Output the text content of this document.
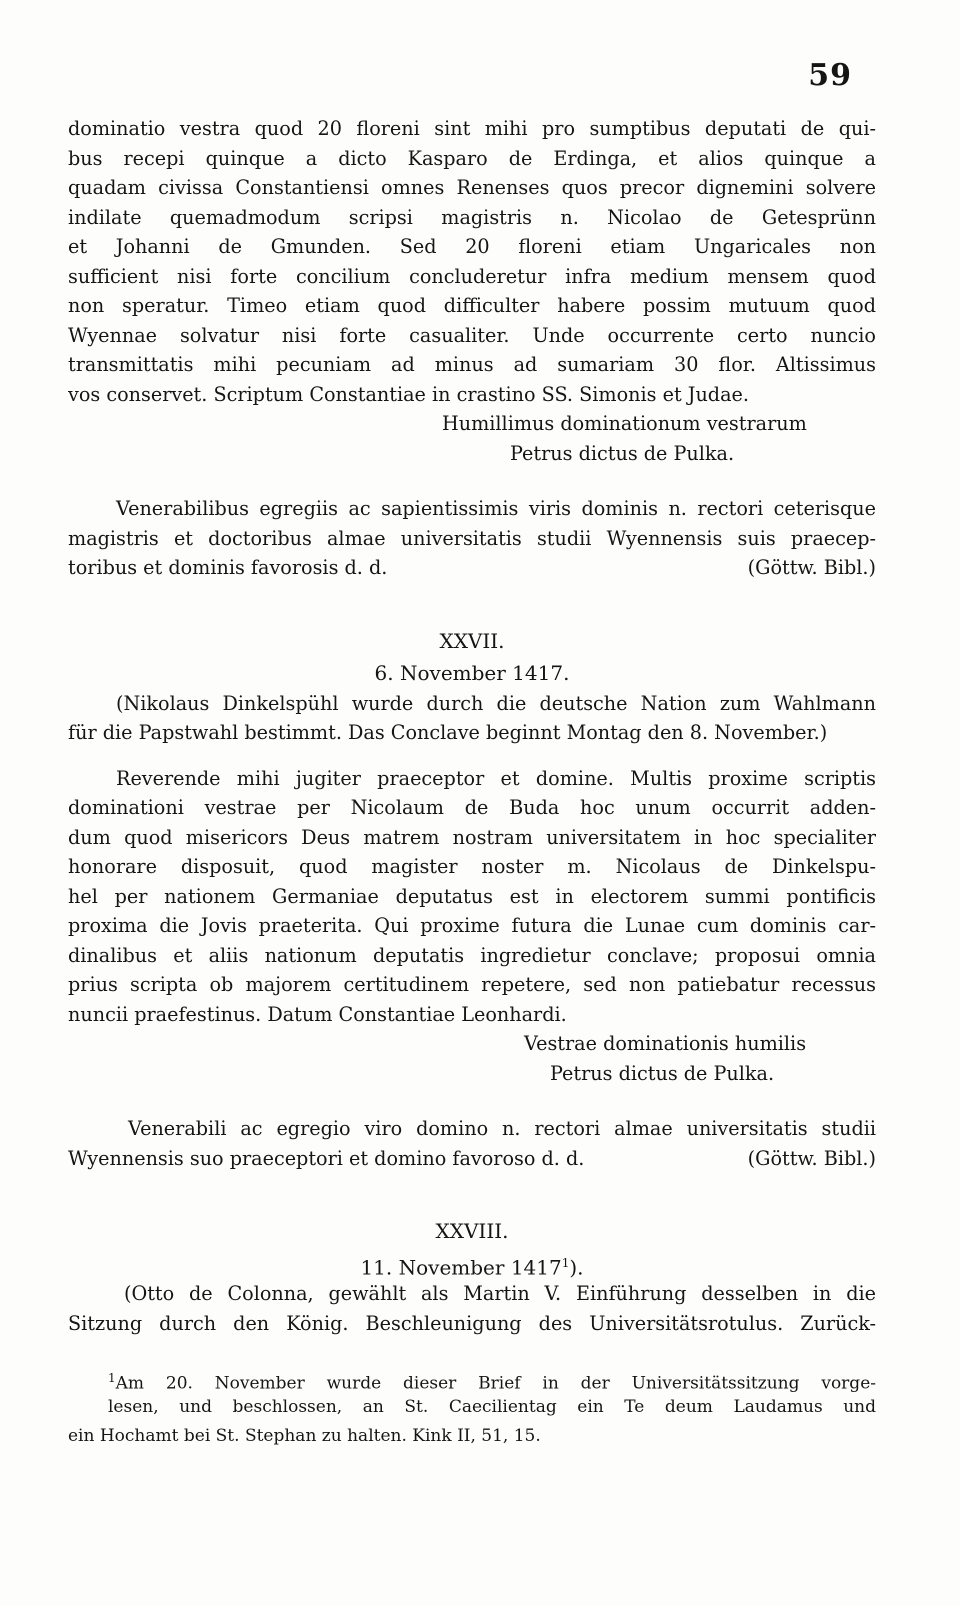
59
dominatio vestra quod 20 floreni sint mihi pro sumptibus deputati de qui-
bus recepi quinque a dicto Kasparo de Erdinga, et alios quinque a
quadam civissa Constantiensi omnes Renenses quos precor dignemini solvere
indilate quemadmodum scripsi magistris n. Nicolao de Getesprünn
et Johanni de Gmunden. Sed 20 floreni etiam Ungaricales non
sufficient nisi forte concilium concluderetur infra medium mensem quod
non speratur. Timeo etiam quod difficulter habere possim mutuum quod
Wyennae solvatur nisi forte casualiter. Unde occurrente certo nuncio
transmittatis mihi pecuniam ad minus ad sumariam 30 flor. Altissimus
vos conservet. Scriptum Constantiae in crastino SS. Simonis et Judae.
Humillimus dominationum vestrarum
Petrus dictus de Pulka.
Venerabilibus egregiis ac sapientissimis viris dominis n. rectori ceterisque
magistris et doctoribus almae universitatis studii Wyennensis suis praecep-
toribus et dominis favorosis d. d.	(Göttw. Bibl.)
XXVII.
6. November 1417.
(Nikolaus Dinkelspühl wurde durch die deutsche Nation zum Wahlmann
für die Papstwahl bestimmt. Das Conclave beginnt Montag den 8. November.)
Reverende mihi jugiter praeceptor et domine. Multis proxime scriptis
dominationi vestrae per Nicolaum de Buda hoc unum occurrit adden-
dum quod misericors Deus matrem nostram universitatem in hoc specialiter
honorare disposuit, quod magister noster m. Nicolaus de Dinkelspu-
hel per nationem Germaniae deputatus est in electorem summi pontificis
proxima die Jovis praeterita. Qui proxime futura die Lunae cum dominis car-
dinalibus et aliis nationum deputatis ingredietur conclave; proposui omnia
prius scripta ob majorem certitudinem repetere, sed non patiebatur recessus
nuncii praefestinus. Datum Constantiae Leonhardi.
Vestrae dominationis humilis
Petrus dictus de Pulka.
Venerabili ac egregio viro domino n. rectori almae universitatis studii
Wyennensis suo praeceptori et domino favoroso d. d.	(Göttw. Bibl.)
XXVIII.
11. November 1417$^1$).
(Otto de Colonna, gewählt als Martin V. Einführung desselben in die
Sitzung durch den König. Beschleunigung des Universitätsrotulus. Zurück-
$^1$Am 20. November wurde dieser Brief in der Universitätssitzung vorge-
lesen, und beschlossen, an St. Caecilientag ein Te deum Laudamus und
ein Hochamt bei St. Stephan zu halten. Kink II, 51, 15.
